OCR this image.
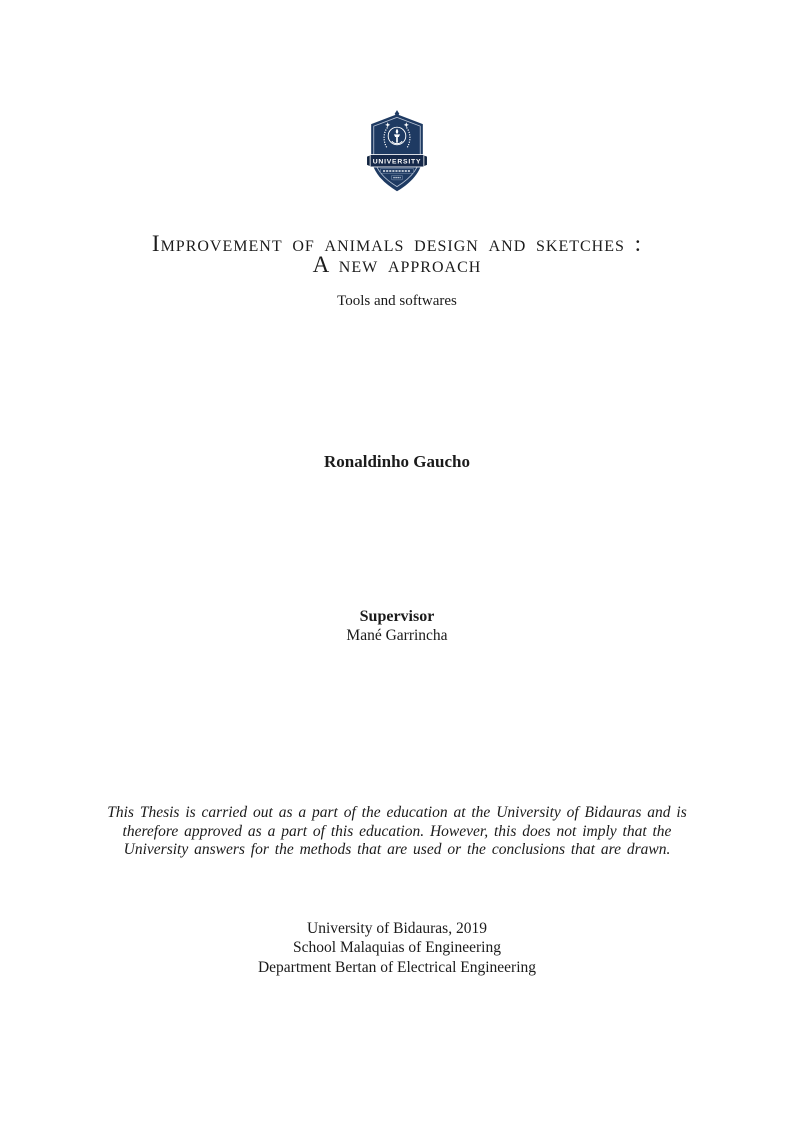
UNIVERSITY
Improvement of animals design and sketches :
A new approach
Tools and softwares
Ronaldinho Gaucho
Supervisor
Mané Garrincha
This Thesis is carried out as a part of the education at the University of Bidauras and is
therefore approved as a part of this education. However, this does not imply that the
University answers for the methods that are used or the conclusions that are drawn.
University of Bidauras, 2019
School Malaquias of Engineering
Department Bertan of Electrical Engineering
